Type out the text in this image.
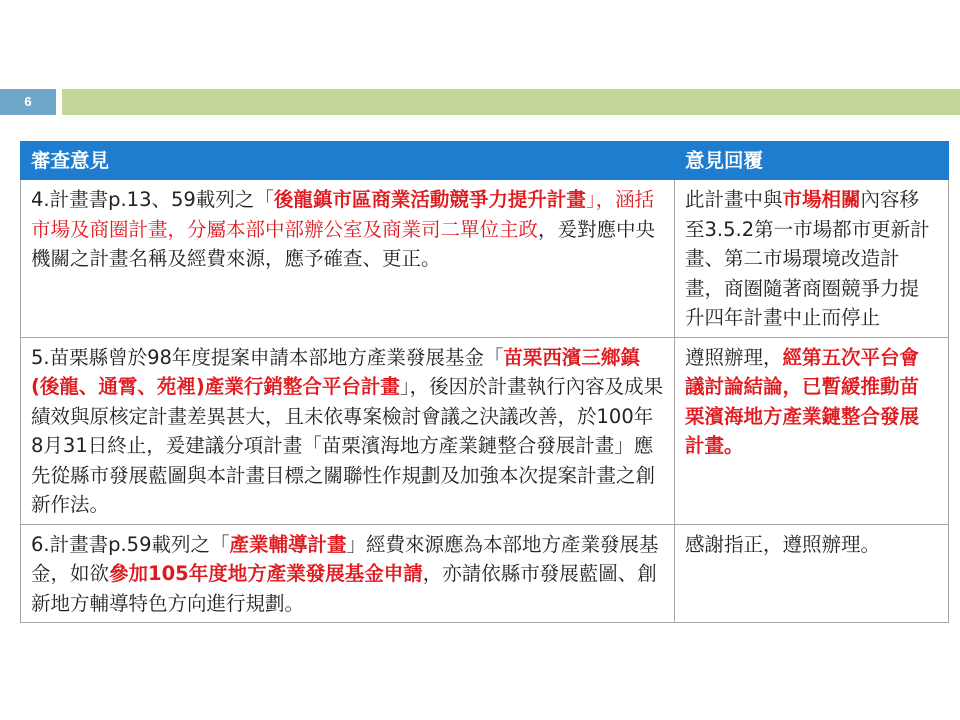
6
審查意見	意見回覆
4.計畫書p.13、59載列之「後龍鎮市區商業活動競爭力提升計畫」，涵括市場及商圈計畫，分屬本部中部辦公室及商業司二單位主政，爰對應中央機關之計畫名稱及經費來源，應予確查、更正。	此計畫中與市場相關內容移至3.5.2第一市場都市更新計畫、第二市場環境改造計畫，商圈隨著商圈競爭力提升四年計畫中止而停止
5.苗栗縣曾於98年度提案申請本部地方產業發展基金「苗栗西濱三鄉鎮(後龍、通霄、苑裡)產業行銷整合平台計畫」，後因於計畫執行內容及成果績效與原核定計畫差異甚大，且未依專案檢討會議之決議改善，於100年8月31日終止，爰建議分項計畫「苗栗濱海地方產業鏈整合發展計畫」應先從縣市發展藍圖與本計畫目標之關聯性作規劃及加強本次提案計畫之創新作法。	遵照辦理，經第五次平台會議討論結論，已暫緩推動苗栗濱海地方產業鏈整合發展計畫。
6.計畫書p.59載列之「產業輔導計畫」經費來源應為本部地方產業發展基金，如欲參加105年度地方產業發展基金申請，亦請依縣市發展藍圖、創新地方輔導特色方向進行規劃。	感謝指正，遵照辦理。
